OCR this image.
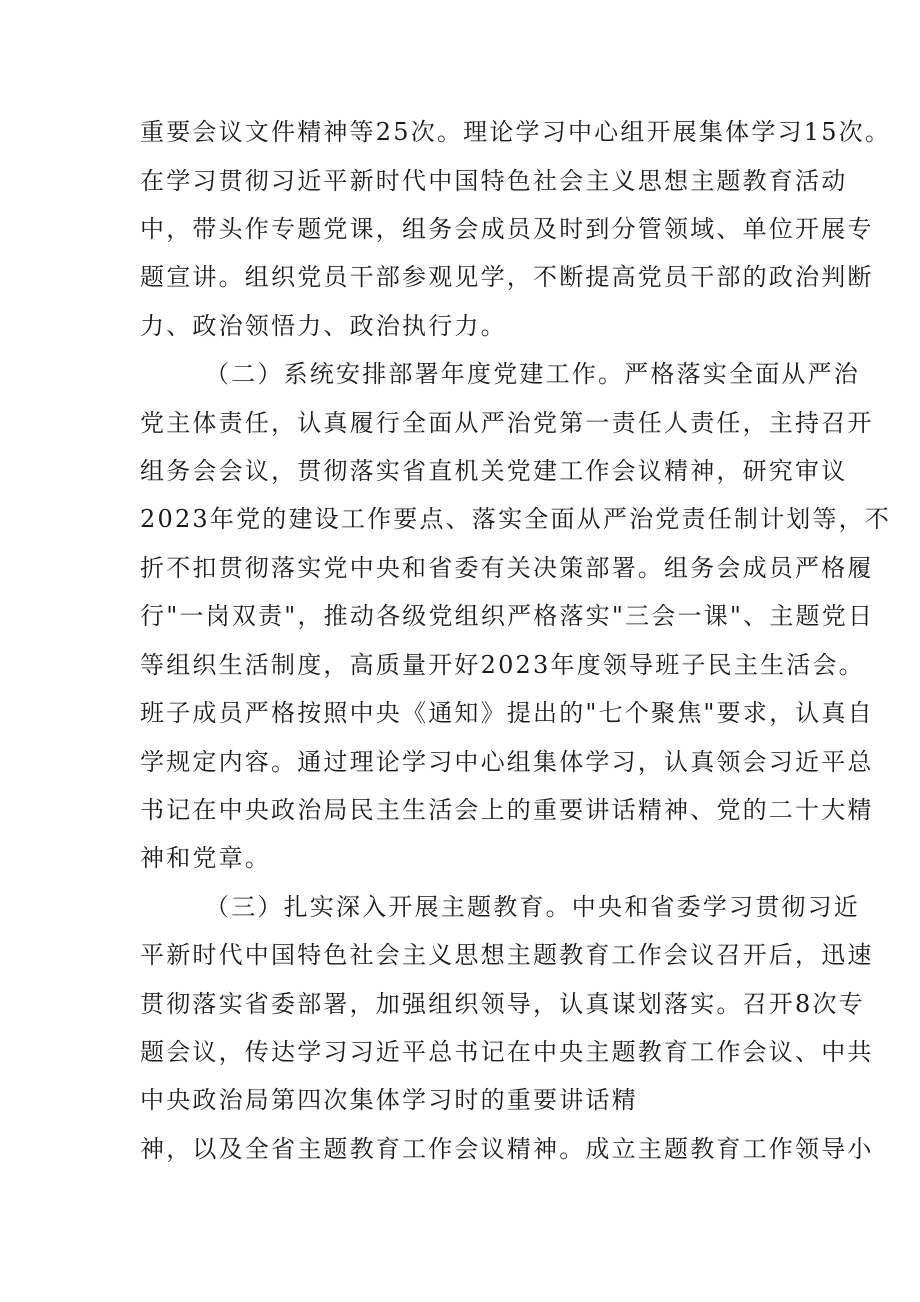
重要会议文件精神等25次。理论学习中心组开展集体学习15次。
在学习贯彻习近平新时代中国特色社会主义思想主题教育活动
中，带头作专题党课，组务会成员及时到分管领域、单位开展专
题宣讲。组织党员干部参观见学，不断提高党员干部的政治判断
力、政治领悟力、政治执行力。
（二）系统安排部署年度党建工作。严格落实全面从严治
党主体责任，认真履行全面从严治党第一责任人责任，主持召开
组务会会议，贯彻落实省直机关党建工作会议精神，研究审议
2023年党的建设工作要点、落实全面从严治党责任制计划等，不
折不扣贯彻落实党中央和省委有关决策部署。组务会成员严格履
行"一岗双责"，推动各级党组织严格落实"三会一课"、主题党日
等组织生活制度，高质量开好2023年度领导班子民主生活会。
班子成员严格按照中央《通知》提出的"七个聚焦"要求，认真自
学规定内容。通过理论学习中心组集体学习，认真领会习近平总
书记在中央政治局民主生活会上的重要讲话精神、党的二十大精
神和党章。
（三）扎实深入开展主题教育。中央和省委学习贯彻习近
平新时代中国特色社会主义思想主题教育工作会议召开后，迅速
贯彻落实省委部署，加强组织领导，认真谋划落实。召开8次专
题会议，传达学习习近平总书记在中央主题教育工作会议、中共
中央政治局第四次集体学习时的重要讲话精
神，以及全省主题教育工作会议精神。成立主题教育工作领导小
